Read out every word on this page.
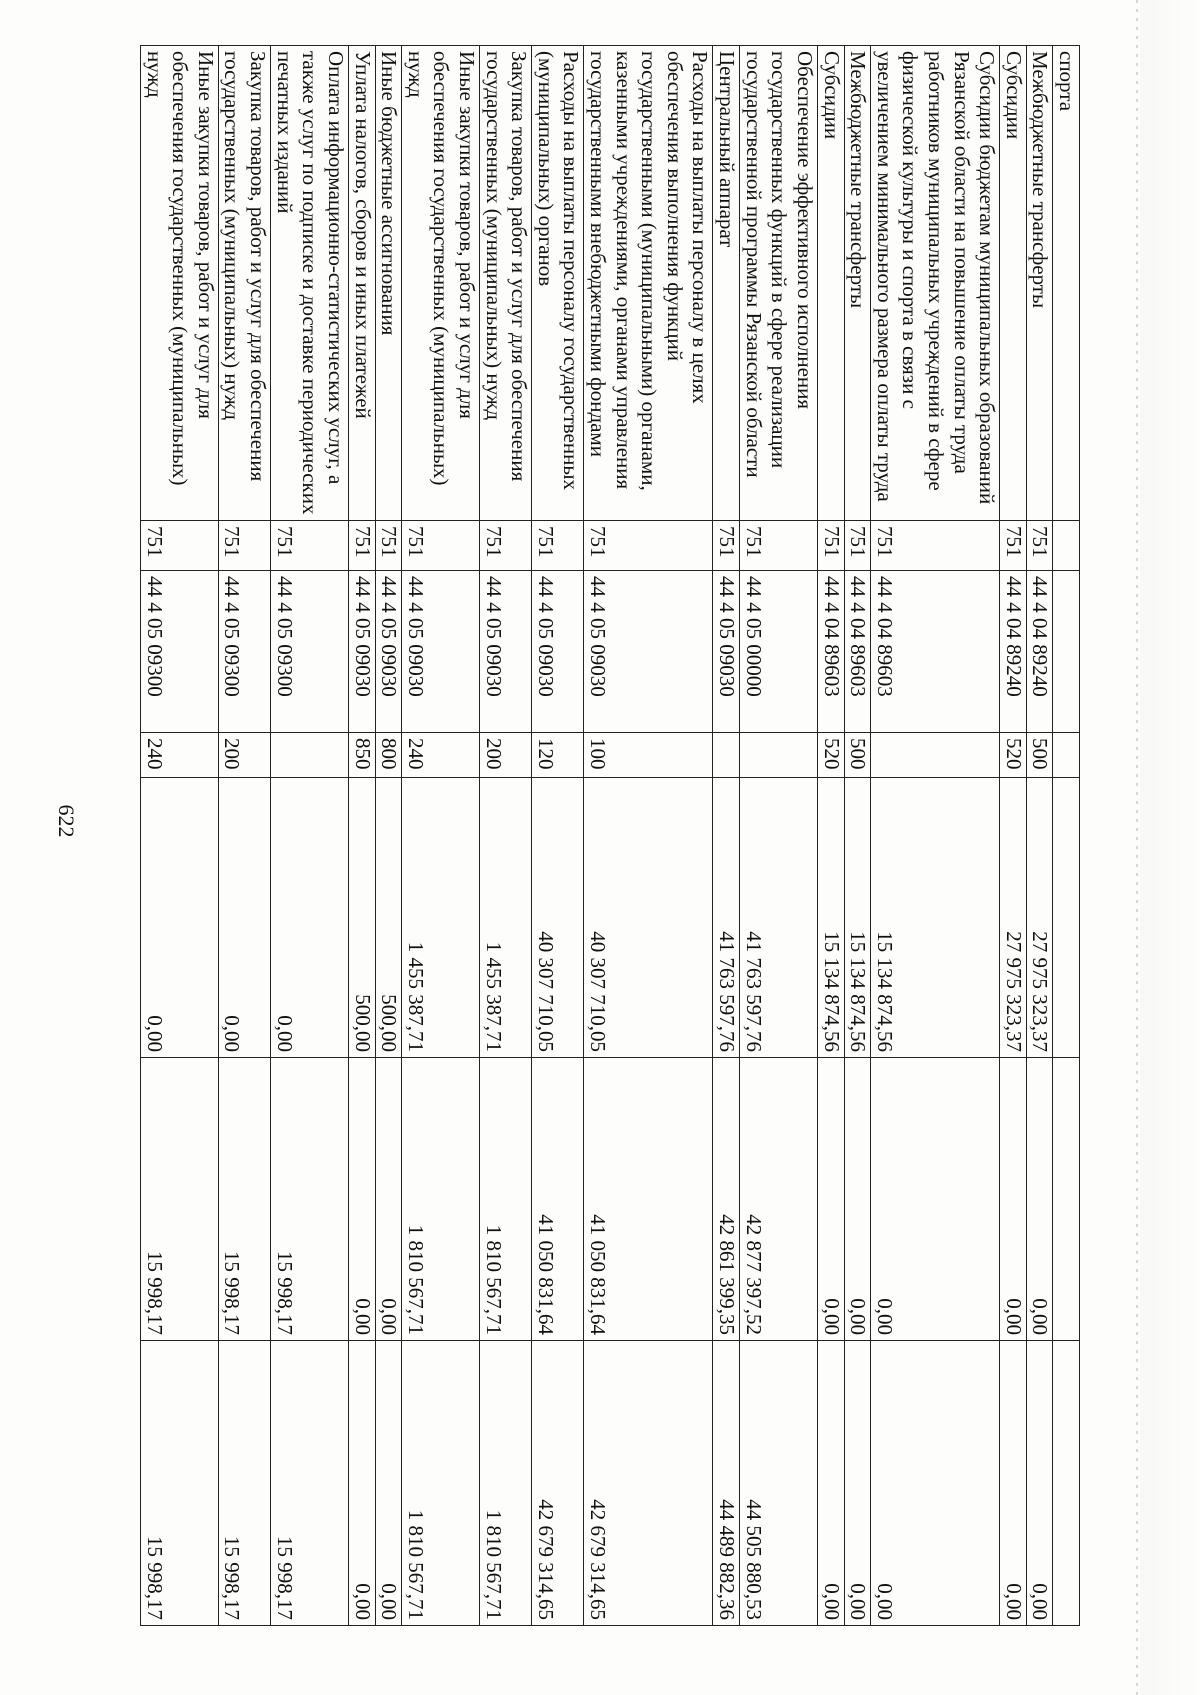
622
спорта						
Межбюджетные трансферты	751	44 4 04 89240	500	27 975 323,37	0,00	0,00
Субсидии	751	44 4 04 89240	520	27 975 323,37	0,00	0,00
Субсидии бюджетам муниципальных образований Рязанской области на повышение оплаты труда работников муниципальных учреждений в сфере физической культуры и спорта в связи с увеличением минимального размера оплаты труда	751	44 4 04 89603		15 134 874,56	0,00	0,00
Межбюджетные трансферты	751	44 4 04 89603	500	15 134 874,56	0,00	0,00
Субсидии	751	44 4 04 89603	520	15 134 874,56	0,00	0,00
Обеспечение эффективного исполнения государственных функций в сфере реализации государственной программы Рязанской области	751	44 4 05 00000		41 763 597,76	42 877 397,52	44 505 880,53
Центральный аппарат	751	44 4 05 09030		41 763 597,76	42 861 399,35	44 489 882,36
Расходы на выплаты персоналу в целях обеспечения выполнения функций государственными (муниципальными) органами, казенными учреждениями, органами управления государственными внебюджетными фондами	751	44 4 05 09030	100	40 307 710,05	41 050 831,64	42 679 314,65
Расходы на выплаты персоналу государственных (муниципальных) органов	751	44 4 05 09030	120	40 307 710,05	41 050 831,64	42 679 314,65
Закупка товаров, работ и услуг для обеспечения государственных (муниципальных) нужд	751	44 4 05 09030	200	1 455 387,71	1 810 567,71	1 810 567,71
Иные закупки товаров, работ и услуг для обеспечения государственных (муниципальных) нужд	751	44 4 05 09030	240	1 455 387,71	1 810 567,71	1 810 567,71
Иные бюджетные ассигнования	751	44 4 05 09030	800	500,00	0,00	0,00
Уплата налогов, сборов и иных платежей	751	44 4 05 09030	850	500,00	0,00	0,00
Оплата информационно-статистических услуг, а также услуг по подписке и доставке периодических печатных изданий	751	44 4 05 09300		0,00	15 998,17	15 998,17
Закупка товаров, работ и услуг для обеспечения государственных (муниципальных) нужд	751	44 4 05 09300	200	0,00	15 998,17	15 998,17
Иные закупки товаров, работ и услуг для обеспечения государственных (муниципальных) нужд	751	44 4 05 09300	240	0,00	15 998,17	15 998,17
